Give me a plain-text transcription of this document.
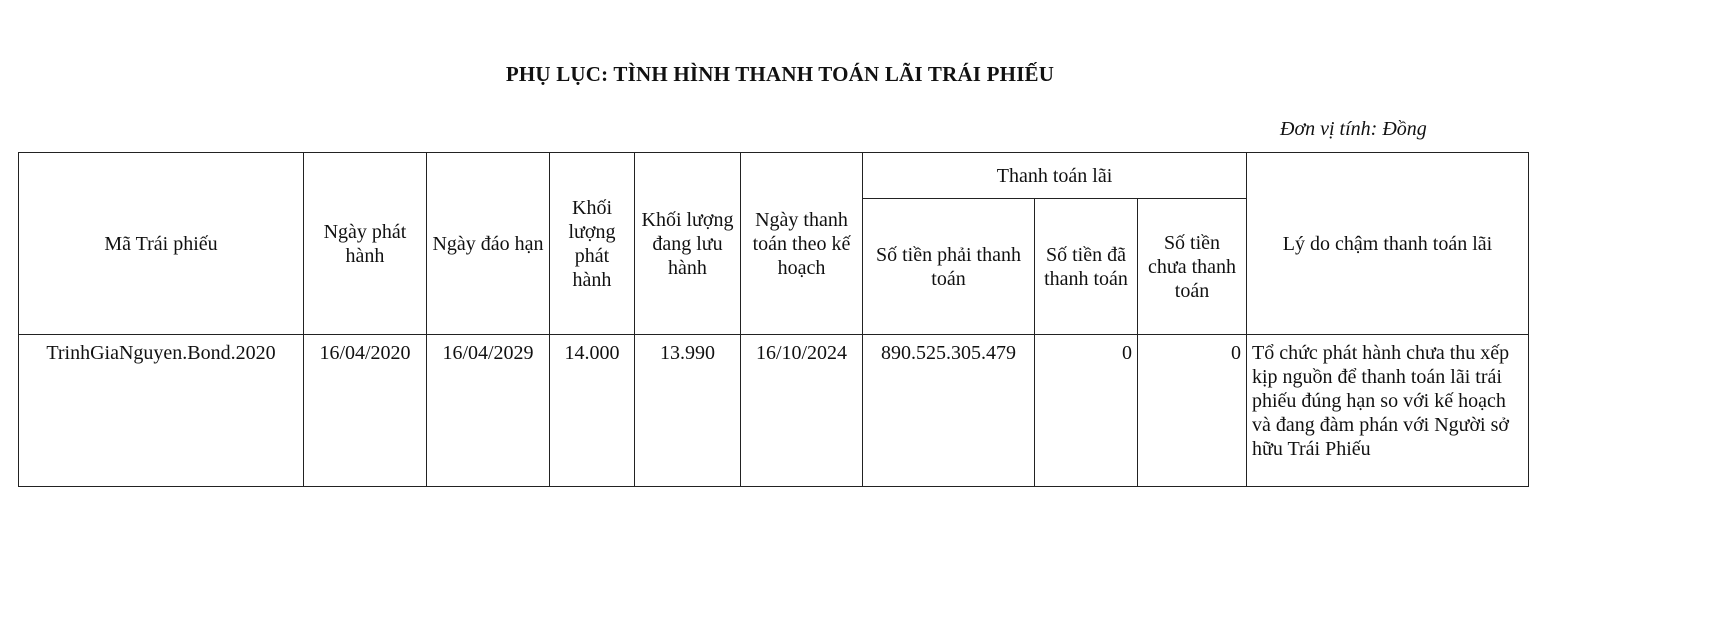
PHỤ LỤC: TÌNH HÌNH THANH TOÁN LÃI TRÁI PHIẾU
Đơn vị tính: Đồng
Mã Trái phiếu	Ngày phát hành	Ngày đáo hạn	Khối lượng phát hành	Khối lượng đang lưu hành	Ngày thanh toán theo kế hoạch	Thanh toán lãi			Lý do chậm thanh toán lãi
						Số tiền phải thanh toán	Số tiền đã thanh toán	Số tiền chưa thanh toán	
TrinhGiaNguyen.Bond.2020	16/04/2020	16/04/2029	14.000	13.990	16/10/2024	890.525.305.479	0	0	Tổ chức phát hành chưa thu xếp kịp nguồn để thanh toán lãi trái phiếu đúng hạn so với kế hoạch và đang đàm phán với Người sở hữu Trái Phiếu
